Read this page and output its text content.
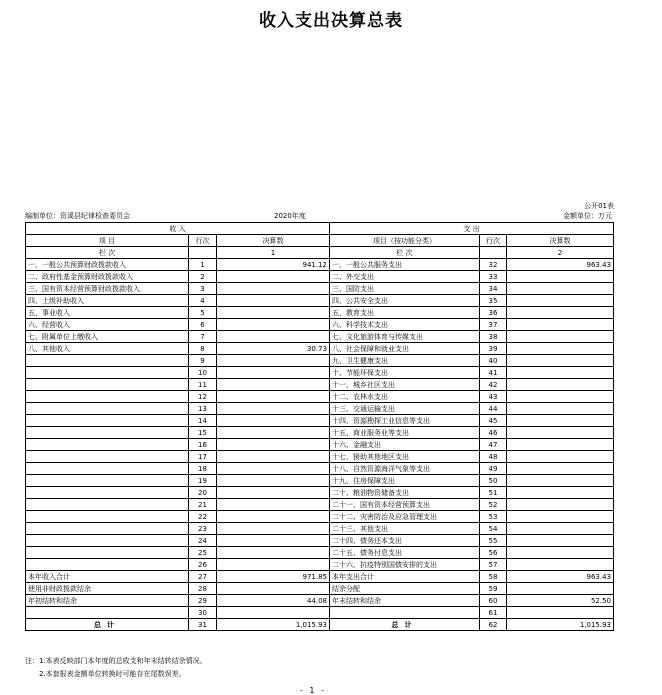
收入支出决算总表
公开01表
编制单位：资溪县纪律检查委员会	2020年度	金额单位：万元
收 入			支 出		
项 目	行次	决算数	项目（按功能分类）	行次	决算数
栏 次		1	栏 次		2
一、一般公共预算财政拨款收入	1	941.12	一、一般公共服务支出	32	963.43
二、政府性基金预算财政拨款收入	2		二、外交支出	33	
三、国有资本经营预算财政拨款收入	3		三、国防支出	34	
四、上级补助收入	4		四、公共安全支出	35	
五、事业收入	5		五、教育支出	36	
六、经营收入	6		六、科学技术支出	37	
七、附属单位上缴收入	7		七、文化旅游体育与传媒支出	38	
八、其他收入	8	30.73	八、社会保障和就业支出	39	
	9		九、卫生健康支出	40	
	10		十、节能环保支出	41	
	11		十一、城乡社区支出	42	
	12		十二、农林水支出	43	
	13		十三、交通运输支出	44	
	14		十四、资源勘探工业信息等支出	45	
	15		十五、商业服务业等支出	46	
	16		十六、金融支出	47	
	17		十七、援助其他地区支出	48	
	18		十八、自然资源海洋气象等支出	49	
	19		十九、住房保障支出	50	
	20		二十、粮油物资储备支出	51	
	21		二十一、国有资本经营预算支出	52	
	22		二十二、灾害防治及应急管理支出	53	
	23		二十三、其他支出	54	
	24		二十四、债务还本支出	55	
	25		二十五、债务付息支出	56	
	26		二十六、抗疫特别国债安排的支出	57	
本年收入合计	27	971.85	本年支出合计	58	963.43
使用非财政拨款结余	28		结余分配	59	
年初结转和结余	29	44.08	年末结转和结余	60	52.50
	30			61	
总计	31	1,015.93	总计	62	1,015.93
注：1.本表反映部门本年度的总收支和年末结转结余情况。
2.本套报表金额单位转换时可能存在尾数误差。
- 1 -
